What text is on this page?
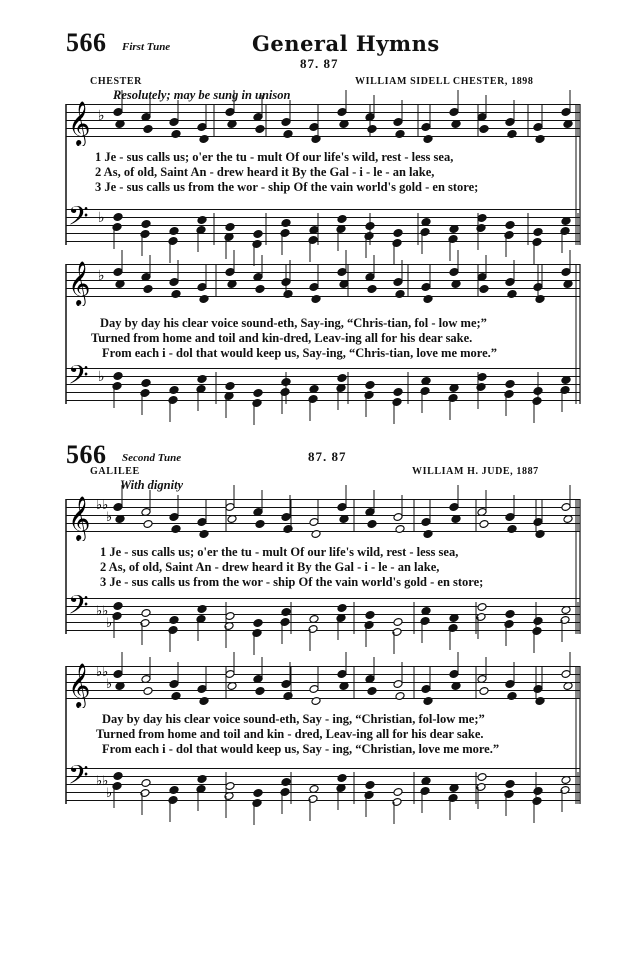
566 First Tune	General Hymns
87. 87
CHESTER	WILLIAM SIDELL CHESTER, 1898
Resolutely; may be sung in unison
𝄞 ♭
1 Je - sus calls us; o'er the tu - mult Of our life's wild, rest - less sea,
2 As, of old, Saint An - drew heard it By the Gal - i - le - an lake,
3 Je - sus calls us from the wor - ship Of the vain world's gold - en store;
𝄢 ♭
𝄞 ♭
Day by day his clear voice sound-eth, Say-ing, “Chris-tian, fol - low me;”
Turned from home and toil and kin-dred, Leav-ing all for his dear sake.
From each i - dol that would keep us, Say-ing, “Chris-tian, love me more.”
𝄢 ♭
566 Second Tune	87. 87
GALILEE	WILLIAM H. JUDE, 1887
With dignity
𝄞 ♭♭
♭
1 Je - sus calls us; o'er the tu - mult Of our life's wild, rest - less sea,
2 As, of old, Saint An - drew heard it By the Gal - i - le - an lake,
3 Je - sus calls us from the wor - ship Of the vain world's gold - en store;
𝄢 ♭♭
♭
𝄞 ♭♭
♭
Day by day his clear voice sound-eth, Say - ing, “Christian, fol-low me;”
Turned from home and toil and kin - dred, Leav-ing all for his dear sake.
From each i - dol that would keep us, Say - ing, “Christian, love me more.”
𝄢 ♭♭
♭
